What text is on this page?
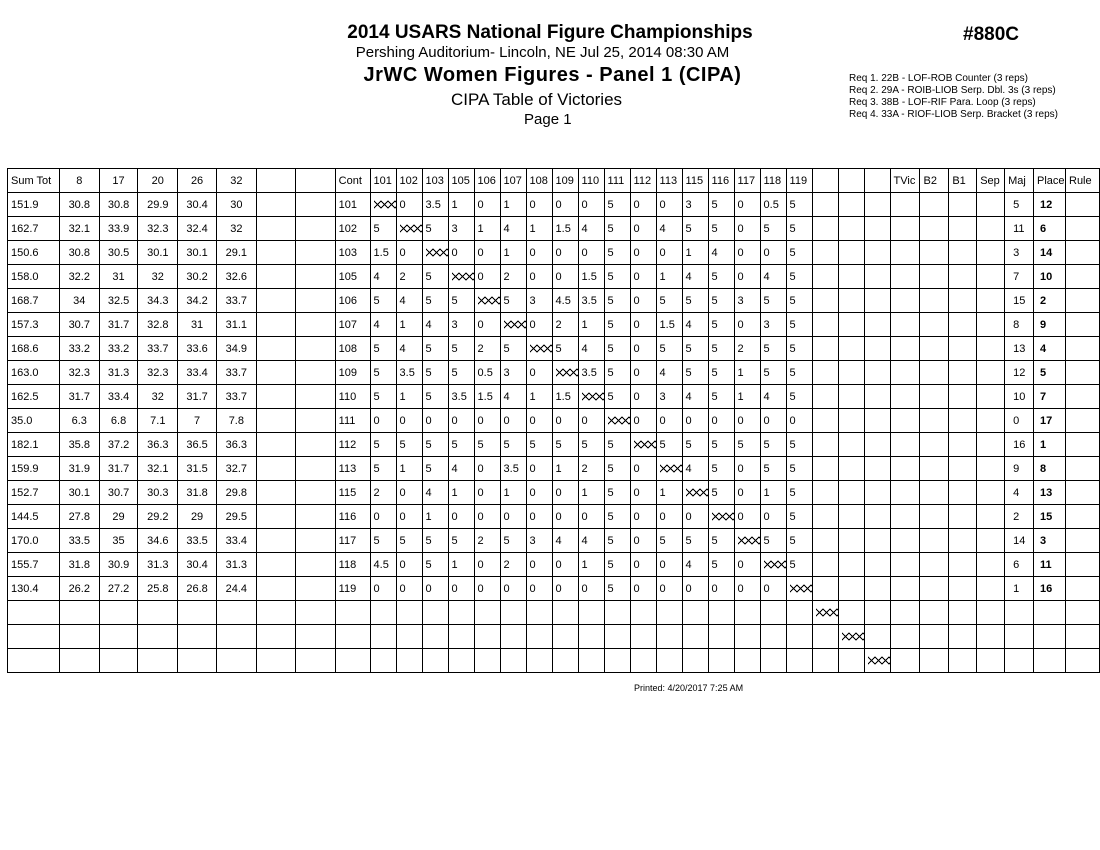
2014 USARS National Figure Championships
Pershing Auditorium- Lincoln, NE Jul 25, 2014 08:30 AM
JrWC Women Figures - Panel 1 (CIPA)
CIPA Table of Victories
Page 1
#880C
Req 1. 22B - LOF-ROB Counter (3 reps)
Req 2. 29A - ROIB-LIOB Serp. Dbl. 3s (3 reps)
Req 3. 38B - LOF-RIF Para. Loop (3 reps)
Req 4. 33A - RIOF-LIOB Serp. Bracket (3 reps)
Sum Tot	8	17	20	26	32			Cont	101	102	103	105	106	107	108	109	110	111	112	113	115	116	117	118	119				TVic	B2	B1	Sep	Maj	Place	Rule
151.9	30.8	30.8	29.9	30.4	30			101		0	3.5	1	0	1	0	0	0	5	0	0	3	5	0	0.5	5								5	12	
162.7	32.1	33.9	32.3	32.4	32			102	5		5	3	1	4	1	1.5	4	5	0	4	5	5	0	5	5								11	6	
150.6	30.8	30.5	30.1	30.1	29.1			103	1.5	0		0	0	1	0	0	0	5	0	0	1	4	0	0	5								3	14	
158.0	32.2	31	32	30.2	32.6			105	4	2	5		0	2	0	0	1.5	5	0	1	4	5	0	4	5								7	10	
168.7	34	32.5	34.3	34.2	33.7			106	5	4	5	5		5	3	4.5	3.5	5	0	5	5	5	3	5	5								15	2	
157.3	30.7	31.7	32.8	31	31.1			107	4	1	4	3	0		0	2	1	5	0	1.5	4	5	0	3	5								8	9	
168.6	33.2	33.2	33.7	33.6	34.9			108	5	4	5	5	2	5		5	4	5	0	5	5	5	2	5	5								13	4	
163.0	32.3	31.3	32.3	33.4	33.7			109	5	3.5	5	5	0.5	3	0		3.5	5	0	4	5	5	1	5	5								12	5	
162.5	31.7	33.4	32	31.7	33.7			110	5	1	5	3.5	1.5	4	1	1.5		5	0	3	4	5	1	4	5								10	7	
35.0	6.3	6.8	7.1	7	7.8			111	0	0	0	0	0	0	0	0	0		0	0	0	0	0	0	0								0	17	
182.1	35.8	37.2	36.3	36.5	36.3			112	5	5	5	5	5	5	5	5	5	5		5	5	5	5	5	5								16	1	
159.9	31.9	31.7	32.1	31.5	32.7			113	5	1	5	4	0	3.5	0	1	2	5	0		4	5	0	5	5								9	8	
152.7	30.1	30.7	30.3	31.8	29.8			115	2	0	4	1	0	1	0	0	1	5	0	1		5	0	1	5								4	13	
144.5	27.8	29	29.2	29	29.5			116	0	0	1	0	0	0	0	0	0	5	0	0	0		0	0	5								2	15	
170.0	33.5	35	34.6	33.5	33.4			117	5	5	5	5	2	5	3	4	4	5	0	5	5	5		5	5								14	3	
155.7	31.8	30.9	31.3	30.4	31.3			118	4.5	0	5	1	0	2	0	0	1	5	0	0	4	5	0		5								6	11	
130.4	26.2	27.2	25.8	26.8	24.4			119	0	0	0	0	0	0	0	0	0	5	0	0	0	0	0	0									1	16	

Printed: 4/20/2017 7:25 AM
